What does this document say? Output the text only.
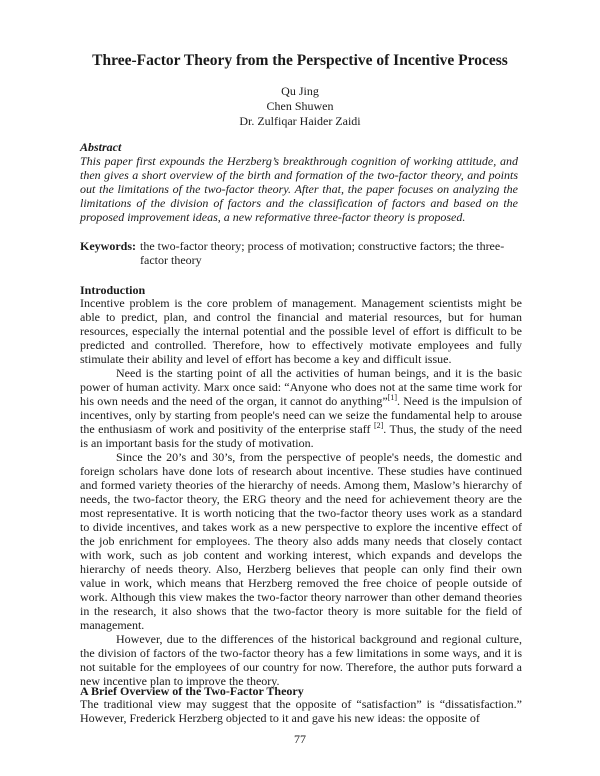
Three-Factor Theory from the Perspective of Incentive Process
Qu Jing
Chen Shuwen
Dr. Zulfiqar Haider Zaidi
Abstract
This paper first expounds the Herzberg’s breakthrough cognition of working attitude, and then gives a short overview of the birth and formation of the two-factor theory, and points out the limitations of the two-factor theory. After that, the paper focuses on analyzing the limitations of the division of factors and the classification of factors and based on the proposed improvement ideas, a new reformative three-factor theory is proposed.
Keywords: the two-factor theory; process of motivation; constructive factors; the three-factor theory
Introduction

Incentive problem is the core problem of management. Management scientists might be able to predict, plan, and control the financial and material resources, but for human resources, especially the internal potential and the possible level of effort is difficult to be predicted and controlled. Therefore, how to effectively motivate employees and fully stimulate their ability and level of effort has become a key and difficult issue.

Need is the starting point of all the activities of human beings, and it is the basic power of human activity. Marx once said: “Anyone who does not at the same time work for his own needs and the need of the organ, it cannot do anything”[1]. Need is the impulsion of incentives, only by starting from people's need can we seize the fundamental help to arouse the enthusiasm of work and positivity of the enterprise staff [2]. Thus, the study of the need is an important basis for the study of motivation.

Since the 20’s and 30’s, from the perspective of people's needs, the domestic and foreign scholars have done lots of research about incentive. These studies have continued and formed variety theories of the hierarchy of needs. Among them, Maslow’s hierarchy of needs, the two-factor theory, the ERG theory and the need for achievement theory are the most representative. It is worth noticing that the two-factor theory uses work as a standard to divide incentives, and takes work as a new perspective to explore the incentive effect of the job enrichment for employees. The theory also adds many needs that closely contact with work, such as job content and working interest, which expands and develops the hierarchy of needs theory. Also, Herzberg believes that people can only find their own value in work, which means that Herzberg removed the free choice of people outside of work. Although this view makes the two-factor theory narrower than other demand theories in the research, it also shows that the two-factor theory is more suitable for the field of management.

However, due to the differences of the historical background and regional culture, the division of factors of the two-factor theory has a few limitations in some ways, and it is not suitable for the employees of our country for now. Therefore, the author puts forward a new incentive plan to improve the theory.

A Brief Overview of the Two-Factor Theory

The traditional view may suggest that the opposite of “satisfaction” is “dissatisfaction.” However, Frederick Herzberg objected to it and gave his new ideas: the opposite of

77
